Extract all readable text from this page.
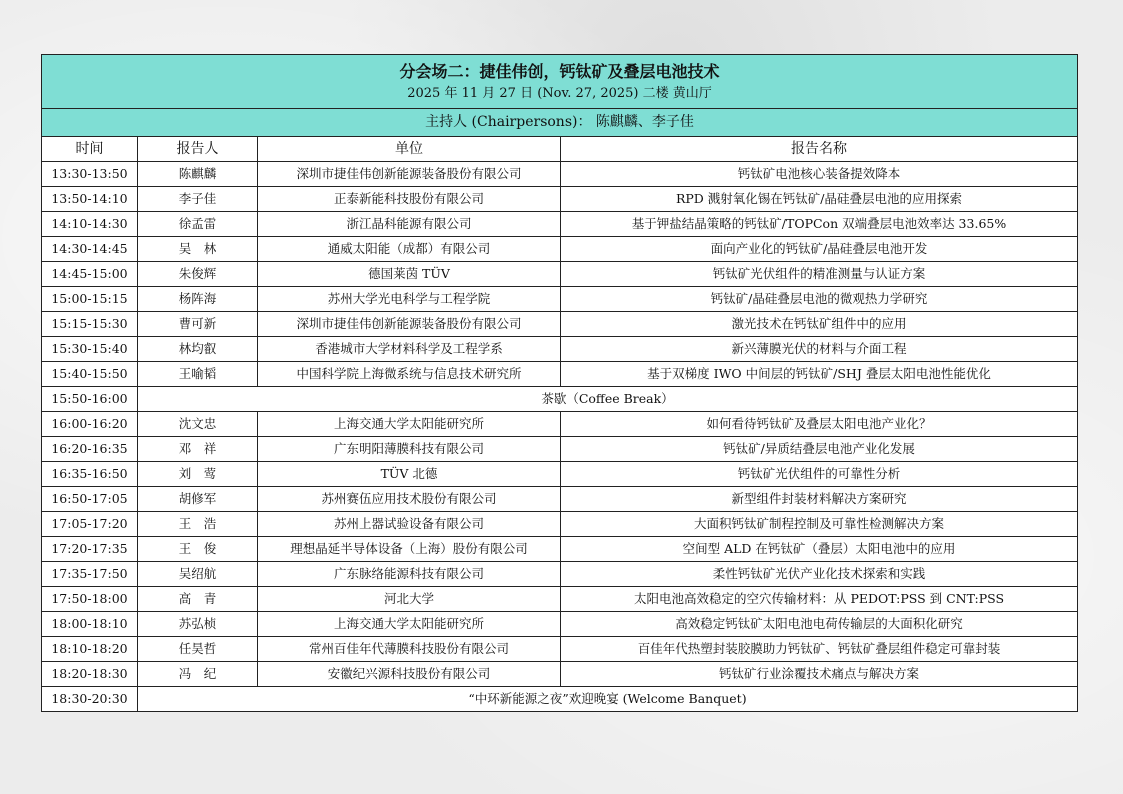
分会场二：捷佳伟创，钙钛矿及叠层电池技术
2025 年 11 月 27 日 (Nov. 27, 2025) 二楼 黄山厅			

主持人 (Chairpersons)： 陈麒麟、李子佳			
时间	报告人	单位	报告名称
13:30-13:50	陈麒麟	深圳市捷佳伟创新能源装备股份有限公司	钙钛矿电池核心装备提效降本
13:50-14:10	李子佳	正泰新能科技股份有限公司	RPD 溅射氧化锡在钙钛矿/晶硅叠层电池的应用探索
14:10-14:30	徐孟雷	浙江晶科能源有限公司	基于钾盐结晶策略的钙钛矿/TOPCon 双端叠层电池效率达 33.65%
14:30-14:45	吴　林	通威太阳能（成都）有限公司	面向产业化的钙钛矿/晶硅叠层电池开发
14:45-15:00	朱俊辉	德国莱茵 TÜV	钙钛矿光伏组件的精准测量与认证方案
15:00-15:15	杨阵海	苏州大学光电科学与工程学院	钙钛矿/晶硅叠层电池的微观热力学研究
15:15-15:30	曹可新	深圳市捷佳伟创新能源装备股份有限公司	激光技术在钙钛矿组件中的应用
15:30-15:40	林均叡	香港城市大学材料科学及工程学系	新兴薄膜光伏的材料与介面工程
15:40-15:50	王喻韬	中国科学院上海微系统与信息技术研究所	基于双梯度 IWO 中间层的钙钛矿/SHJ 叠层太阳电池性能优化
15:50-16:00	茶歇（Coffee Break）		
16:00-16:20	沈文忠	上海交通大学太阳能研究所	如何看待钙钛矿及叠层太阳电池产业化？
16:20-16:35	邓　祥	广东明阳薄膜科技有限公司	钙钛矿/异质结叠层电池产业化发展
16:35-16:50	刘　莺	TÜV 北德	钙钛矿光伏组件的可靠性分析
16:50-17:05	胡修军	苏州赛伍应用技术股份有限公司	新型组件封装材料解决方案研究
17:05-17:20	王　浩	苏州上器试验设备有限公司	大面积钙钛矿制程控制及可靠性检测解决方案
17:20-17:35	王　俊	理想晶延半导体设备（上海）股份有限公司	空间型 ALD 在钙钛矿（叠层）太阳电池中的应用
17:35-17:50	吴绍航	广东脉络能源科技有限公司	柔性钙钛矿光伏产业化技术探索和实践
17:50-18:00	高　青	河北大学	太阳电池高效稳定的空穴传输材料：从 PEDOT:PSS 到 CNT:PSS
18:00-18:10	苏弘桢	上海交通大学太阳能研究所	高效稳定钙钛矿太阳电池电荷传输层的大面积化研究
18:10-18:20	任昊哲	常州百佳年代薄膜科技股份有限公司	百佳年代热塑封装胶膜助力钙钛矿、钙钛矿叠层组件稳定可靠封装
18:20-18:30	冯　纪	安徽纪兴源科技股份有限公司	钙钛矿行业涂覆技术痛点与解决方案
18:30-20:30	“中环新能源之夜”欢迎晚宴 (Welcome Banquet)		
